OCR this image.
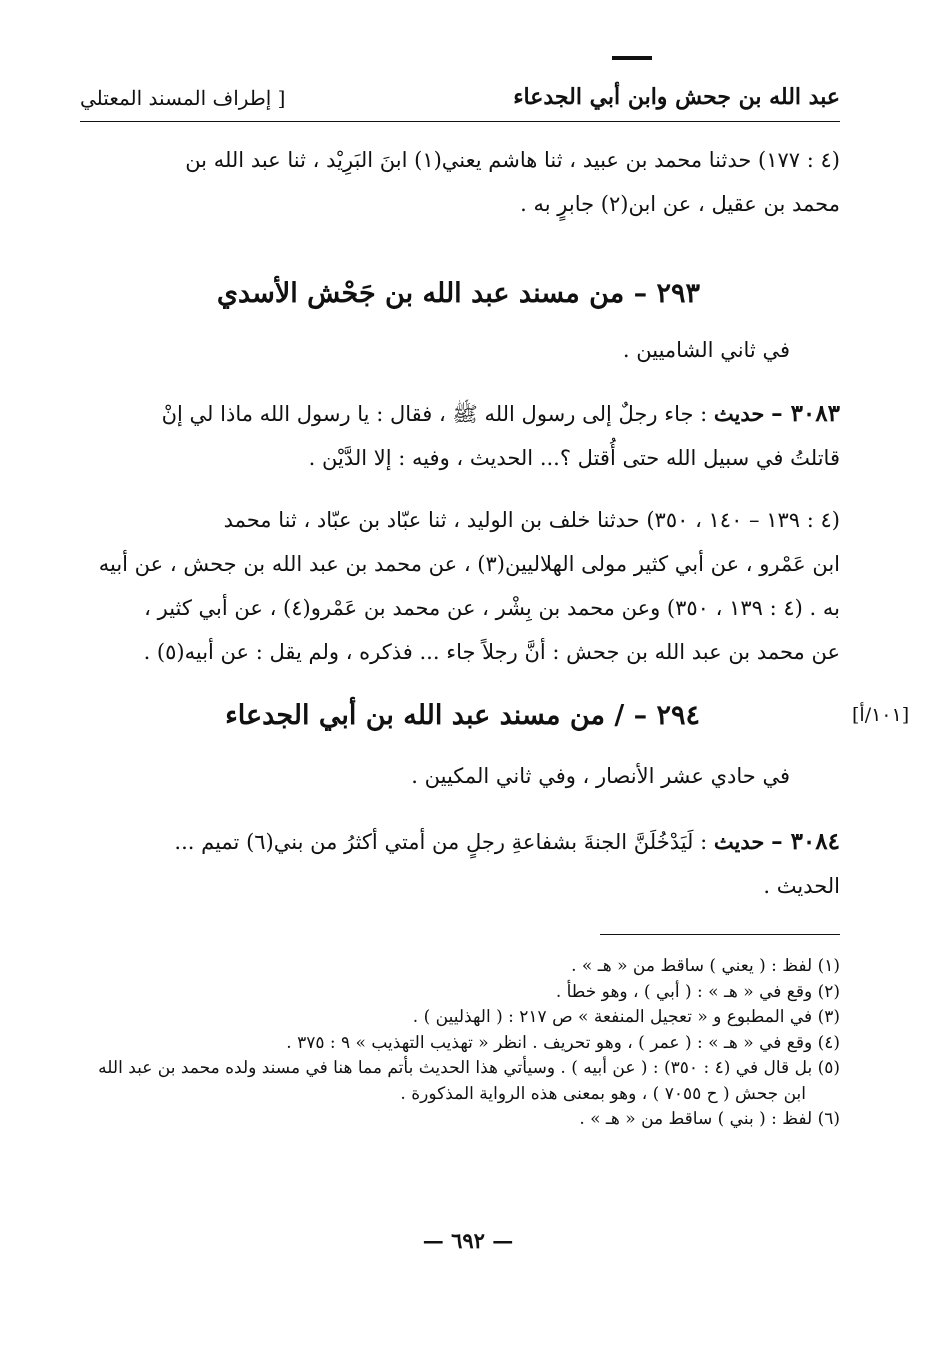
عبد الله بن جحش وابن أبي الجدعاء
[ إطراف المسند المعتلي

(٤ : ١٧٧) حدثنا محمد بن عبيد ، ثنا هاشم يعني(١) ابنَ البَرِيْد ، ثنا عبد الله بن

محمد بن عقيل ، عن ابن(٢) جابرٍ به .

٢٩٣ – من مسند عبد الله بن جَحْش الأسدي
في ثاني الشاميين .

٣٠٨٣ – حديث : جاء رجلٌ إلى رسول الله ﷺ ، فقال : يا رسول الله ماذا لي إنْ

قاتلتُ في سبيل الله حتى أُقتل ؟... الحديث ، وفيه : إلا الدَّيْن .

(٤ : ١٣٩ – ١٤٠ ، ٣٥٠) حدثنا خلف بن الوليد ، ثنا عبّاد بن عبّاد ، ثنا محمد

ابن عَمْرو ، عن أبي كثير مولى الهلاليين(٣) ، عن محمد بن عبد الله بن جحش ، عن أبيه

به . (٤ : ١٣٩ ، ٣٥٠) وعن محمد بن بِشْر ، عن محمد بن عَمْرو(٤) ، عن أبي كثير ،

عن محمد بن عبد الله بن جحش : أنَّ رجلاً جاء ... فذكره ، ولم يقل : عن أبيه(٥) .

[١٠١/أ]
٢٩٤ – / من مسند عبد الله بن أبي الجدعاء
في حادي عشر الأنصار ، وفي ثاني المكيين .

٣٠٨٤ – حديث : لَيَدْخُلَنَّ الجنةَ بشفاعةِ رجلٍ من أمتي أكثرُ من بني(٦) تميم ...

الحديث .

(١) لفظ : ( يعني ) ساقط من « هـ » .

(٢) وقع في « هـ » : ( أبي ) ، وهو خطأ .

(٣) في المطبوع و « تعجيل المنفعة » ص ٢١٧ : ( الهذليين ) .

(٤) وقع في « هـ » : ( عمر ) ، وهو تحريف . انظر « تهذيب التهذيب » ٩ : ٣٧٥ .

(٥) بل قال في (٤ : ٣٥٠) : ( عن أبيه ) . وسيأتي هذا الحديث بأتم مما هنا في مسند ولده محمد بن عبد الله

ابن جحش ( ح ٧٠٥٥ ) ، وهو بمعنى هذه الرواية المذكورة .

(٦) لفظ : ( بني ) ساقط من « هـ » .

— ٦٩٢ —
